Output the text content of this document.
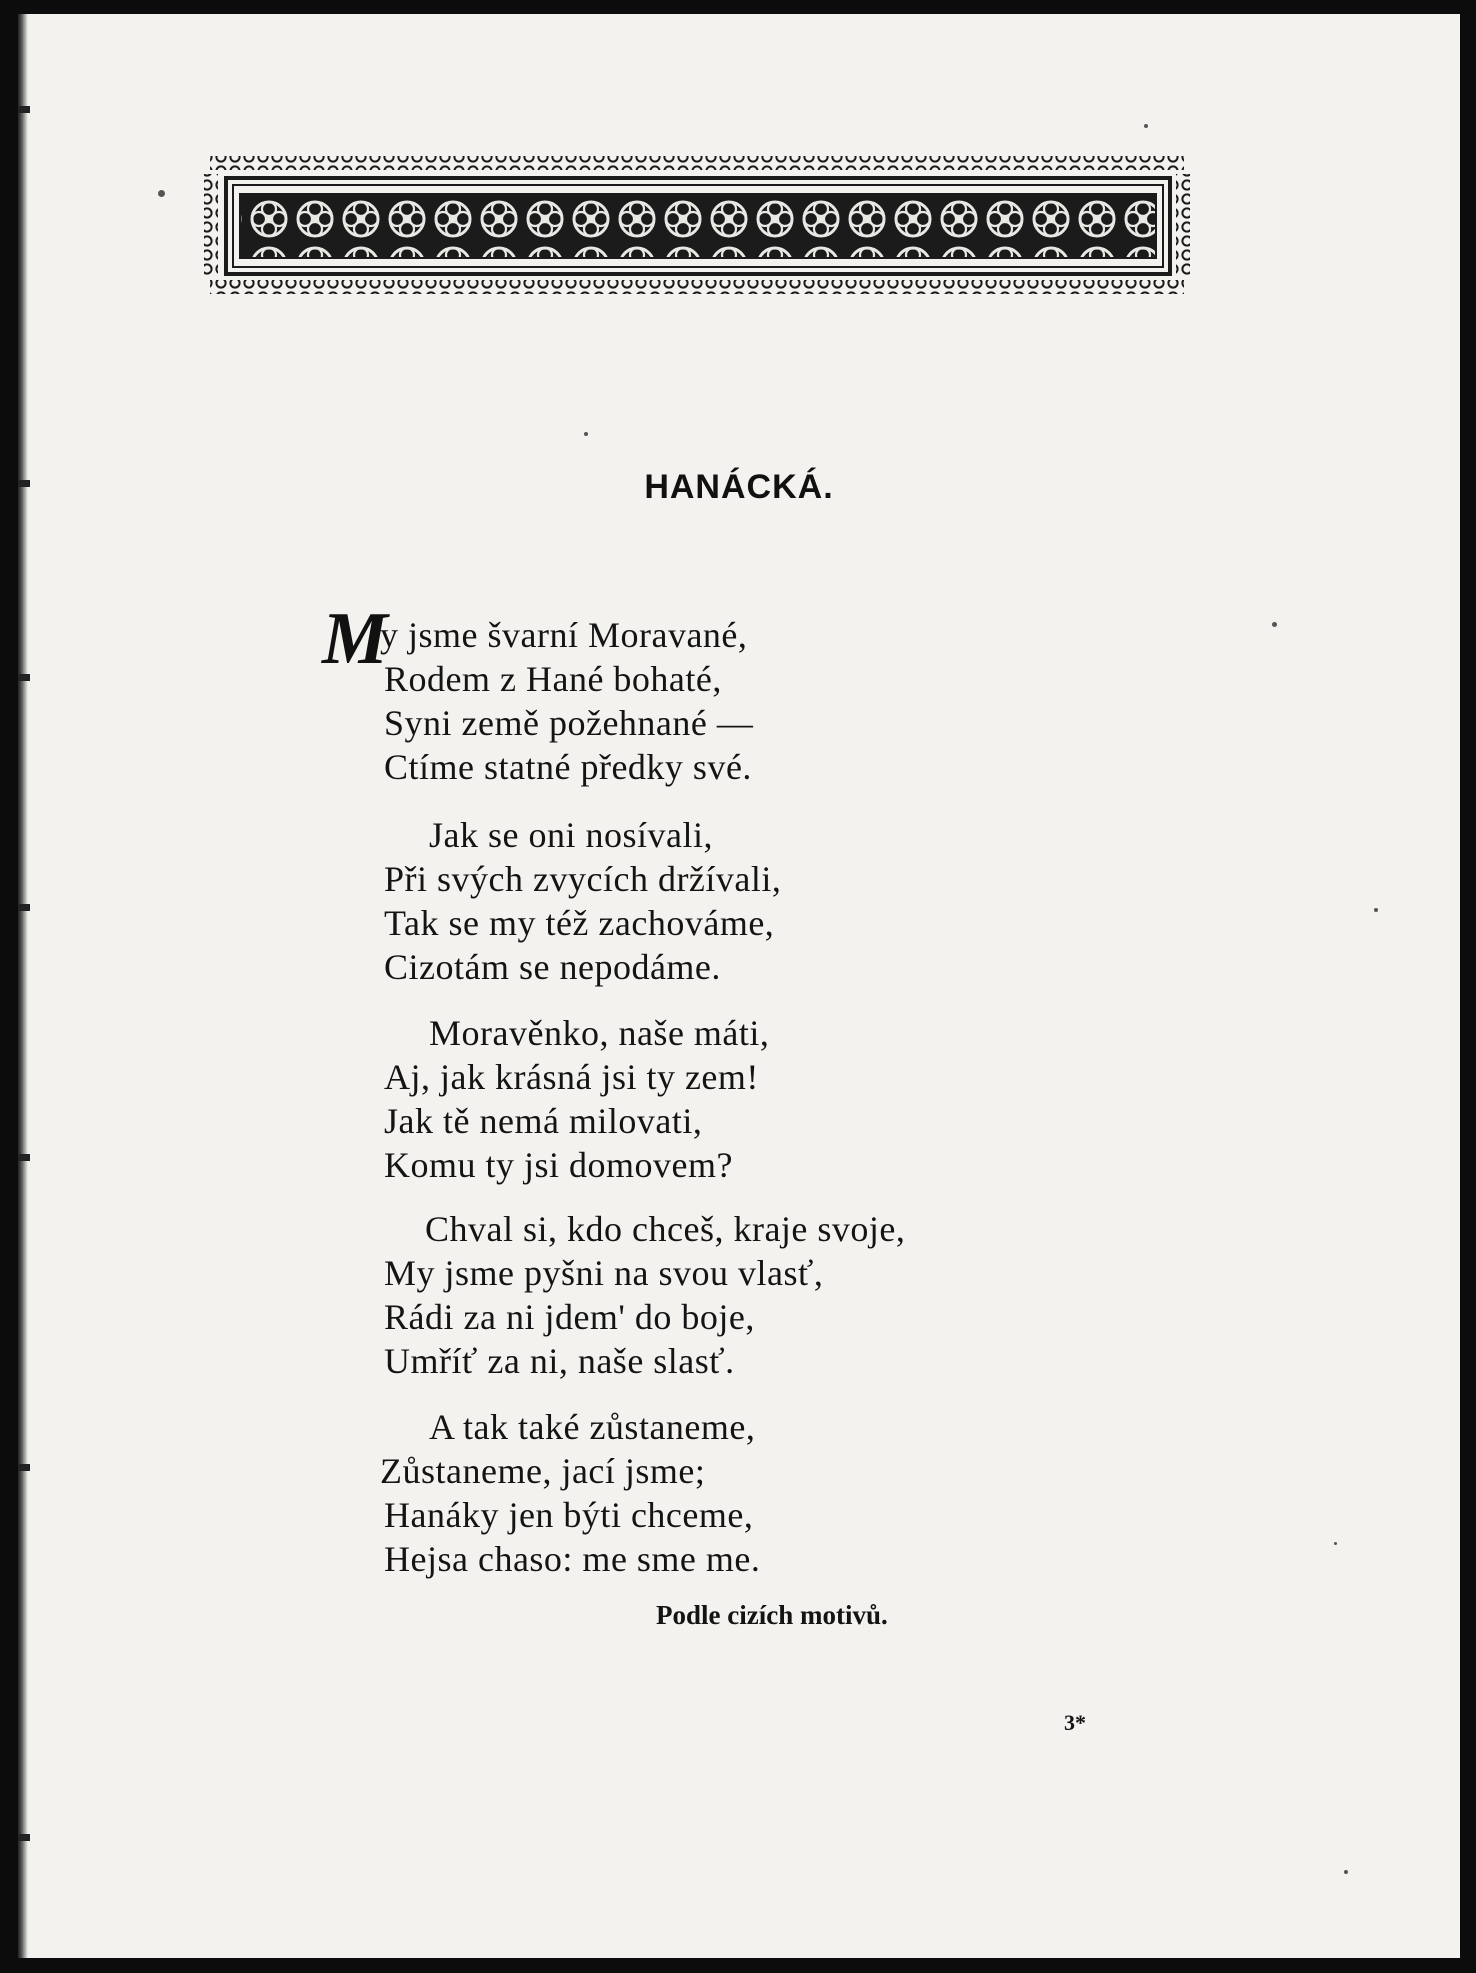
HANÁCKÁ.
M
y jsme švarní Moravané,
Rodem z Hané bohaté,
Syni země požehnané —
Ctíme statné předky své.
Jak se oni nosívali,
Při svých zvycích držívali,
Tak se my též zachováme,
Cizotám se nepodáme.
Moravěnko, naše máti,
Aj, jak krásná jsi ty zem!
Jak tě nemá milovati,
Komu ty jsi domovem?
Chval si, kdo chceš, kraje svoje,
My jsme pyšni na svou vlasť,
Rádi za ni jdem' do boje,
Umříť za ni, naše slasť.
A tak také zůstaneme,
Zůstaneme, jací jsme;
Hanáky jen býti chceme,
Hejsa chaso: me sme me.
Podle cizích motivů.
3*
